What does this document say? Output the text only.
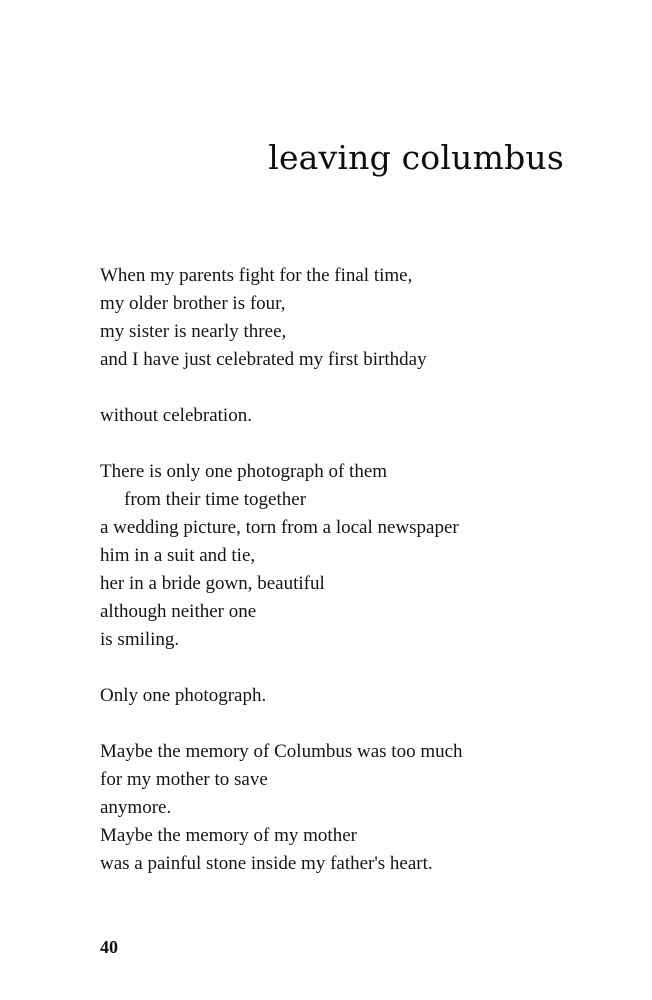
leaving columbus

When my parents fight for the final time,
my older brother is four,
my sister is nearly three,
and I have just celebrated my first birthday

without celebration.

There is only one photograph of them
from their time together
a wedding picture, torn from a local newspaper
him in a suit and tie,
her in a bride gown, beautiful
although neither one
is smiling.

Only one photograph.

Maybe the memory of Columbus was too much
for my mother to save
anymore.
Maybe the memory of my mother
was a painful stone inside my father's heart.

40
